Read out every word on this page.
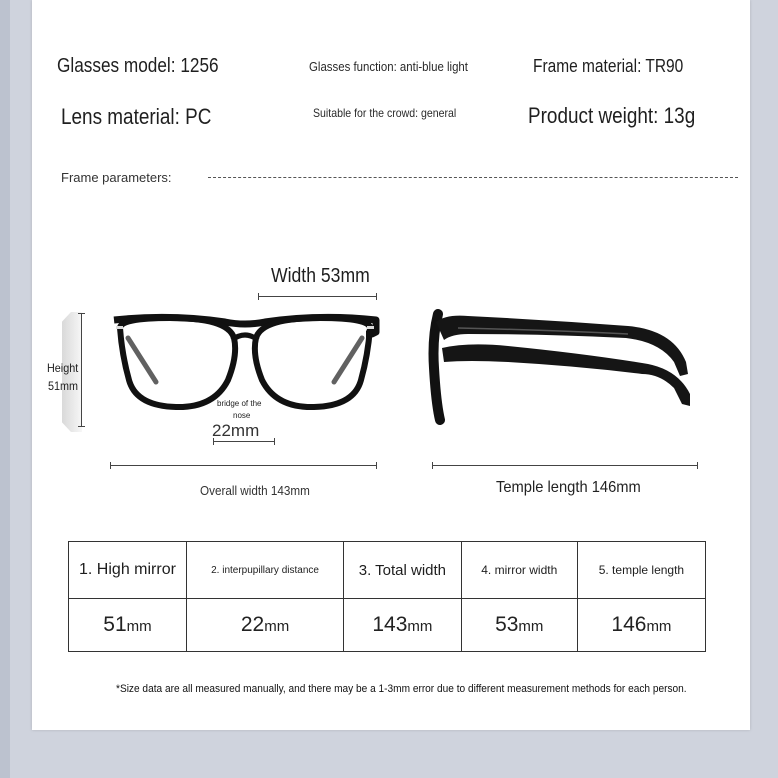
Glasses model: 1256	Glasses function: anti-blue light	Frame material: TR90
Lens material: PC	Suitable for the crowd: general	Product weight: 13g
Frame parameters:
Width 53mm
Height
51mm
bridge of the
nose
22mm
Overall width 143mm	Temple length 146mm
*Size data are all measured manually, and there may be a 1-3mm error due to different measurement methods for each person.
1. High mirror	2. interpupillary distance	3. Total width	4. mirror width	5. temple length
51mm	22mm	143mm	53mm	146mm
